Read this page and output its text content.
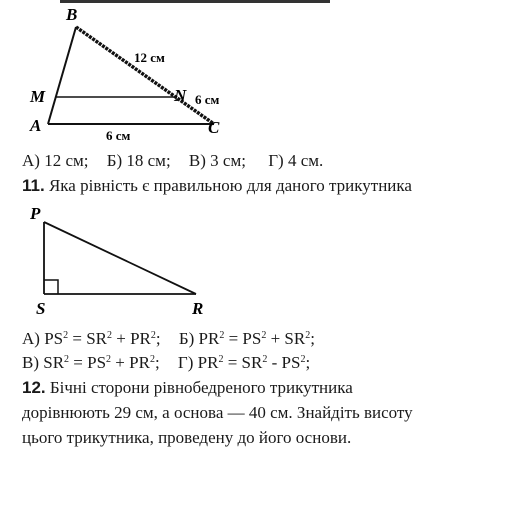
B
M	N
A	C
12 см
6 см
6 см
А) 12 см; Б) 18 см; В) 3 см; Г) 4 см.
11. Яка рівність є правильною для даного трикутника
P
S	R
А) $PS^2 = SR^2 + PR^2$; Б) $PR^2 = PS^2 + SR^2$;
В) $SR^2 = PS^2 + PR^2$; Г) $PR^2 = SR^2 - PS^2$;
12. Бічні сторони рівнобедреного трикутника
дорівнюють 29 см, а основа — 40 см. Знайдіть висоту
цього трикутника, проведену до його основи.
